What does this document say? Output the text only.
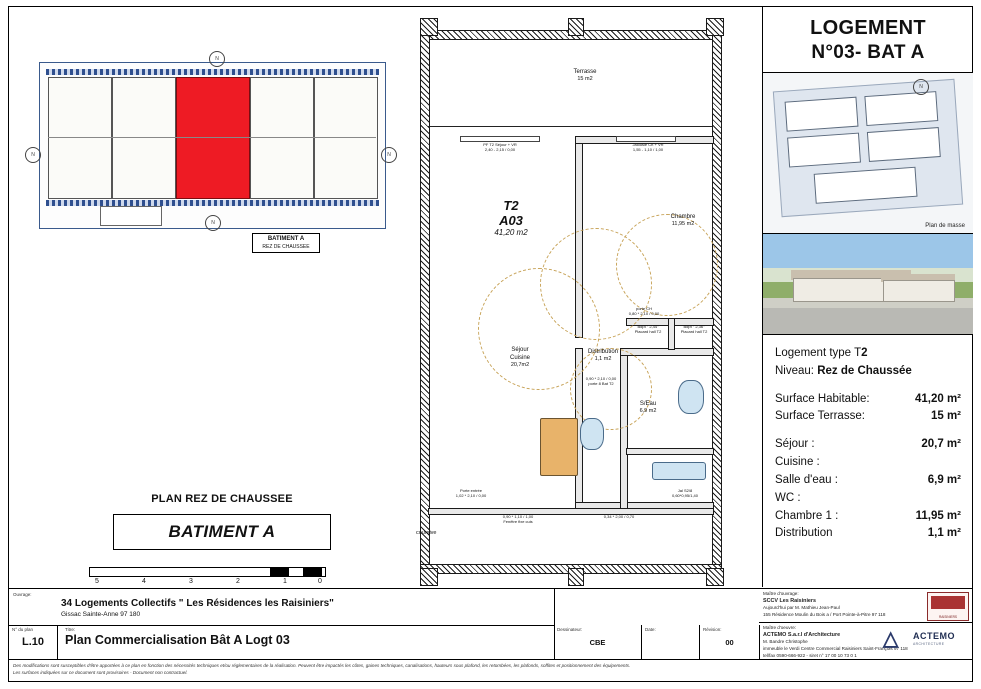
N
N	N
N
BATIMENT A
REZ DE CHAUSSEE
PLAN REZ DE CHAUSSEE
BATIMENT A
5	4	3	2	1	0
T2
A03
41,20 m2
Terrasse
15 m2
Chambre
11,95 m2
Séjour
Cuisine
20,7m2
Distribution
1,1 m2
S/Eau
6,9 m2
Bdpt " 2,44"
Placard hall T2
Bdpt " 2,36"
Placard hall T2
PF T2 Séjour + VR
2,40 - 2,15 / 0,00
Jalousie Ch + VR
1,55 - 1,10 / 1,00
porte CH
0,80 * 2,10 / 0,00
0,90 * 2,10 / 0,00
porte 8 Bat T2
Porte entrée
1,02 * 2,10 / 0,00
0,90 * 1,10 / 1,00
Fenêtre fixe cuis
0,34 * 2,00 / 0,70
Jal S2/8
0,60*0,95/1,40
coursive
LOGEMENT
N°03- BAT A
N
Plan de masse
Logement type T2
Niveau: Rez de Chaussée
Surface Habitable:	41,20 m²
Surface Terrasse:	15 m²
Séjour :	20,7 m²
Cuisine :
Salle d'eau :	6,9 m²
WC :
Chambre 1 :	11,95 m²
Distribution	1,1 m²
Ouvrage:
34 Logements Collectifs " Les Résidences les Raisiniers"
Gissac Sainte-Anne 97 180
N° du plan
L.10
Titre:
Plan Commercialisation Bât A Logt 03
Dessinateur:
CBE
Date:	Révision:
00
Maître d'ouvrage:
SCCV Les Raisiniers
Aujourd'hui par M. Mathieu Jean-Paul
155 Résidence Moulin du Bois a / Port Pointe-à-Pitre 97 118	RAISINIERS
Maître d'oeuvre:
ACTEMO S.a.r.l d'Architecture
M. Bandre Christophe
immeuble le Verdi Centre Commercial Raisiniers Saint-François 97 118
tel/fax 0590-666-922 - siret n° 17 00 10 73 0 1
△	ACTEMO
ARCHITECTURE
Des modifications sont susceptibles d'être apportées à ce plan en fonction des nécessités techniques et/ou réglementaires de la réalisation. Peuvent être impactés les côtes, gaines techniques, canalisations, hauteurs sous plafond, les retombées, les plafonds, soffites et positionnement des équipements.
Les surfaces indiquées sur ce document sont provisoires - Document non contractuel.
